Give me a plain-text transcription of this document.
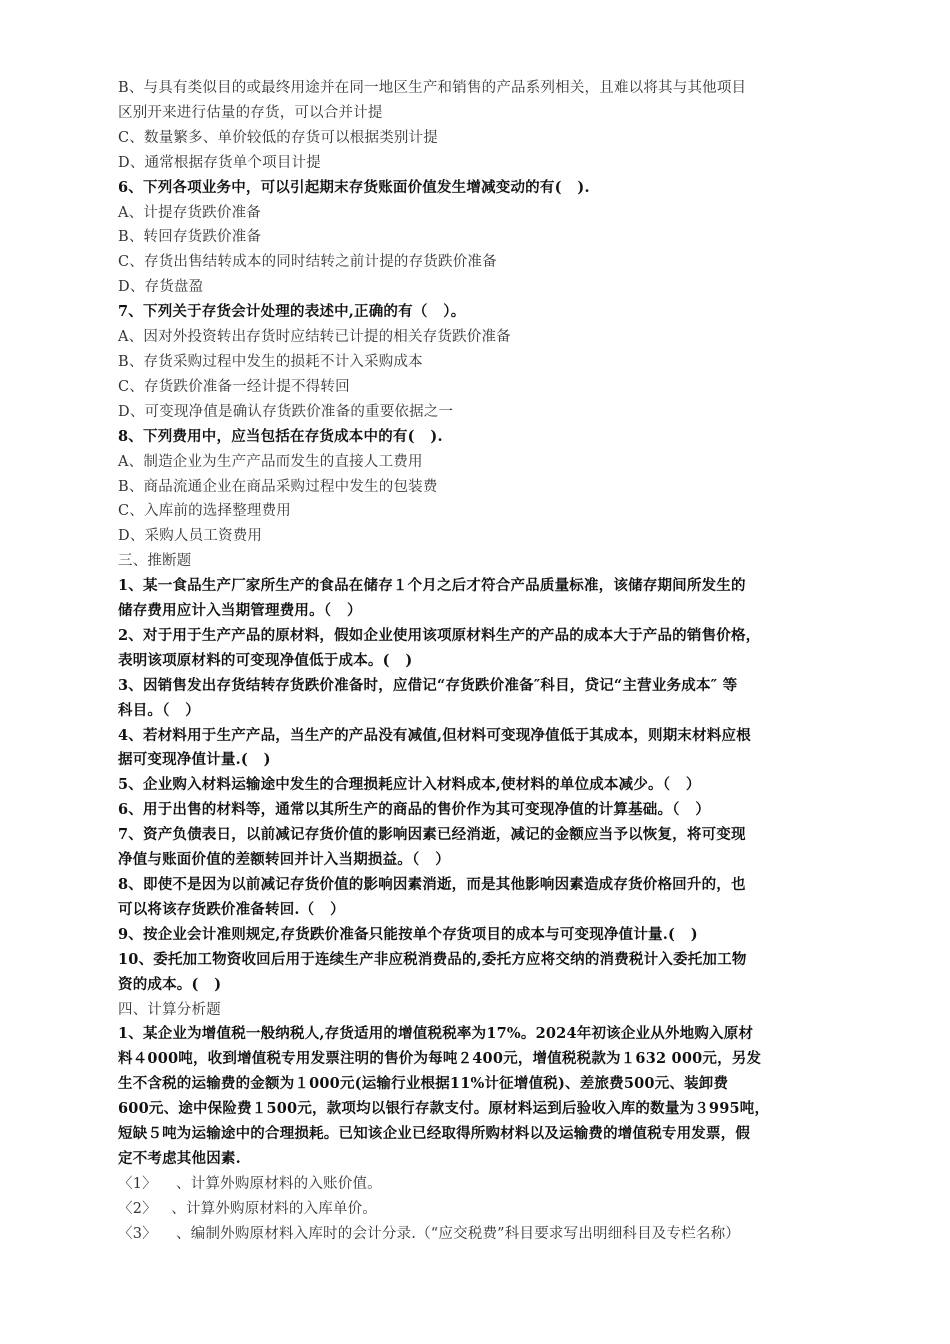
B、与具有类似目的或最终用途并在同一地区生产和销售的产品系列相关，且难以将其与其他项目
区别开来进行估量的存货，可以合并计提
C、数量繁多、单价较低的存货可以根据类别计提
D、通常根据存货单个项目计提
6、下列各项业务中，可以引起期末存货账面价值发生增减变动的有(   ).
A、计提存货跌价准备
B、转回存货跌价准备
C、存货出售结转成本的同时结转之前计提的存货跌价准备
D、存货盘盈
7、下列关于存货会计处理的表述中,正确的有（   ）。
A、因对外投资转出存货时应结转已计提的相关存货跌价准备
B、存货采购过程中发生的损耗不计入采购成本
C、存货跌价准备一经计提不得转回
D、可变现净值是确认存货跌价准备的重要依据之一
8、下列费用中，应当包括在存货成本中的有(   ).
A、制造企业为生产产品而发生的直接人工费用
B、商品流通企业在商品采购过程中发生的包装费
C、入库前的选择整理费用
D、采购人员工资费用
三、推断题
1、某一食品生产厂家所生产的食品在储存１个月之后才符合产品质量标准，该储存期间所发生的
储存费用应计入当期管理费用。（   ）
2、对于用于生产产品的原材料，假如企业使用该项原材料生产的产品的成本大于产品的销售价格，
表明该项原材料的可变现净值低于成本。(   )
3、因销售发出存货结转存货跌价准备时，应借记“存货跌价准备″科目，贷记“主营业务成本″ 等
科目。（   ）
4、若材料用于生产产品，当生产的产品没有减值,但材料可变现净值低于其成本，则期末材料应根
据可变现净值计量.(   )
5、企业购入材料运输途中发生的合理损耗应计入材料成本,使材料的单位成本减少。（   ）
6、用于出售的材料等，通常以其所生产的商品的售价作为其可变现净值的计算基础。（   ）
7、资产负债表日，以前减记存货价值的影响因素已经消逝，减记的金额应当予以恢复，将可变现
净值与账面价值的差额转回并计入当期损益。（   ）
8、即使不是因为以前减记存货价值的影响因素消逝，而是其他影响因素造成存货价格回升的，也
可以将该存货跌价准备转回.（   ）
9、按企业会计准则规定,存货跌价准备只能按单个存货项目的成本与可变现净值计量.(   )
10、委托加工物资收回后用于连续生产非应税消费品的,委托方应将交纳的消费税计入委托加工物
资的成本。(   )
四、计算分析题
1、某企业为增值税一般纳税人,存货适用的增值税税率为17%。2024年初该企业从外地购入原材
料４000吨，收到增值税专用发票注明的售价为每吨２400元，增值税税款为１632 000元，另发
生不含税的运输费的金额为１000元(运输行业根据11%计征增值税)、差旅费500元、装卸费
600元、途中保险费１500元，款项均以银行存款支付。原材料运到后验收入库的数量为３995吨，
短缺５吨为运输途中的合理损耗。已知该企业已经取得所购材料以及运输费的增值税专用发票，假
定不考虑其他因素.
〈1〉    、计算外购原材料的入账价值。
〈2〉   、计算外购原材料的入库单价。
〈3〉    、编制外购原材料入库时的会计分录.（“应交税费”科目要求写出明细科目及专栏名称）
